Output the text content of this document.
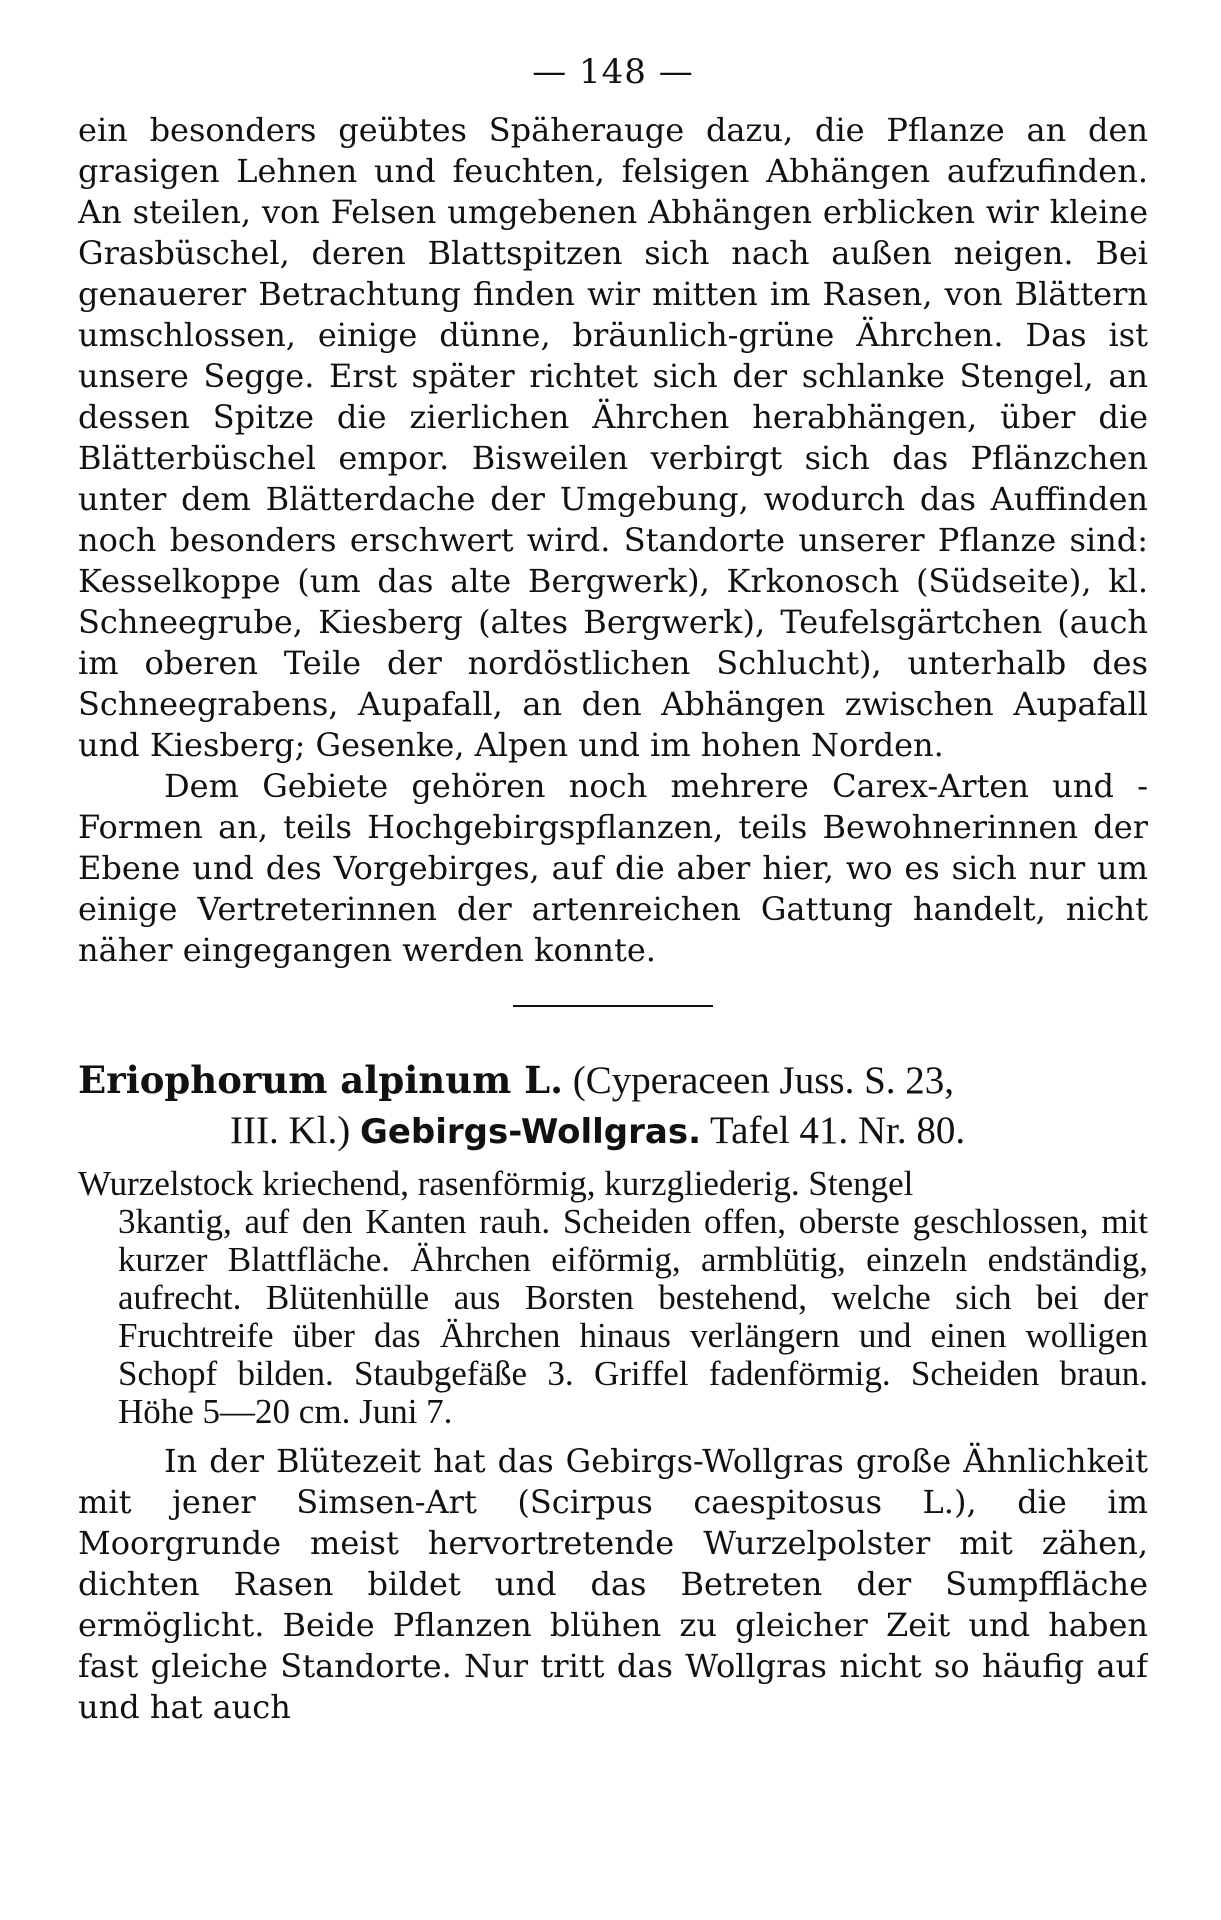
— 148 —

ein besonders geübtes Späherauge dazu, die Pflanze an den grasigen Lehnen und feuchten, felsigen Abhängen aufzufinden. An steilen, von Felsen umgebenen Abhängen erblicken wir kleine Grasbüschel, deren Blattspitzen sich nach außen neigen. Bei genauerer Betrachtung finden wir mitten im Rasen, von Blättern umschlossen, einige dünne, bräunlich-grüne Ährchen. Das ist unsere Segge. Erst später richtet sich der schlanke Stengel, an dessen Spitze die zierlichen Ährchen herabhängen, über die Blätterbüschel empor. Bisweilen verbirgt sich das Pflänzchen unter dem Blätterdache der Umgebung, wodurch das Auffinden noch besonders erschwert wird. Standorte unserer Pflanze sind: Kesselkoppe (um das alte Bergwerk), Krkonosch (Südseite), kl. Schneegrube, Kiesberg (altes Bergwerk), Teufelsgärtchen (auch im oberen Teile der nordöstlichen Schlucht), unterhalb des Schneegrabens, Aupafall, an den Abhängen zwischen Aupafall und Kiesberg; Gesenke, Alpen und im hohen Norden.

Dem Gebiete gehören noch mehrere Carex-Arten und -Formen an, teils Hochgebirgspflanzen, teils Bewohnerinnen der Ebene und des Vorgebirges, auf die aber hier, wo es sich nur um einige Vertreterinnen der artenreichen Gattung handelt, nicht näher eingegangen werden konnte.

Eriophorum alpinum L. (Cyperaceen Juss. S. 23,
III. Kl.) Gebirgs-Wollgras. Tafel 41. Nr. 80.

Wurzelstock kriechend, rasenförmig, kurzgliederig. Stengel
3kantig, auf den Kanten rauh. Scheiden offen, oberste geschlossen, mit kurzer Blattfläche. Ährchen eiförmig, armblütig, einzeln endständig, aufrecht. Blütenhülle aus Borsten bestehend, welche sich bei der Fruchtreife über das Ährchen hinaus verlängern und einen wolligen Schopf bilden. Staubgefäße 3. Griffel fadenförmig. Scheiden braun. Höhe 5—20 cm. Juni 7.

In der Blütezeit hat das Gebirgs-Wollgras große Ähnlichkeit mit jener Simsen-Art (Scirpus caespitosus L.), die im Moorgrunde meist hervortretende Wurzelpolster mit zähen, dichten Rasen bildet und das Betreten der Sumpffläche ermöglicht. Beide Pflanzen blühen zu gleicher Zeit und haben fast gleiche Standorte. Nur tritt das Wollgras nicht so häufig auf und hat auch
